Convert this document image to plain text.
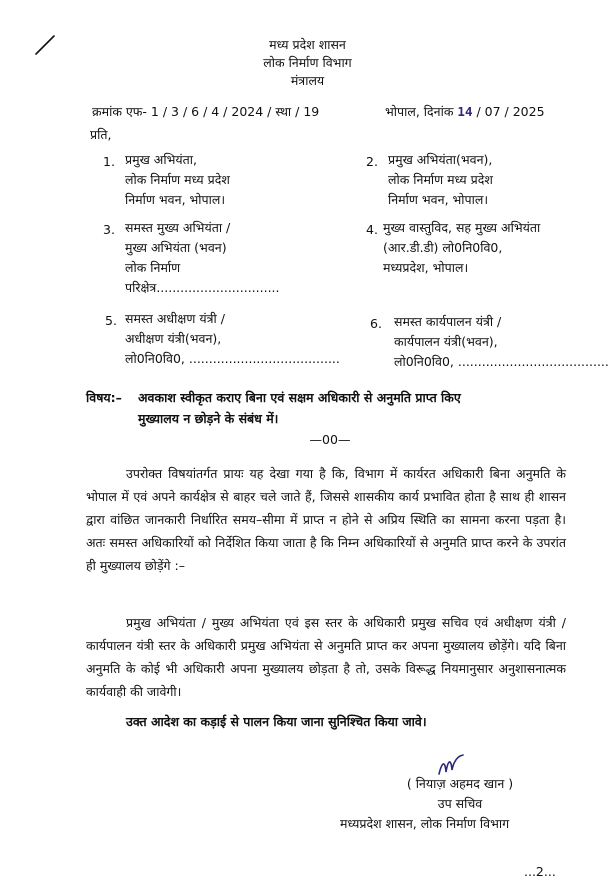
मध्य प्रदेश शासन
लोक निर्माण विभाग
मंत्रालय
क्रमांक एफ- 1 / 3 / 6 / 4 / 2024 / स्था / 19	भोपाल, दिनांक 14 / 07 / 2025
प्रति,
1. प्रमुख अभियंता,
लोक निर्माण मध्य प्रदेश
निर्माण भवन, भोपाल।
2. प्रमुख अभियंता(भवन),
लोक निर्माण मध्य प्रदेश
निर्माण भवन, भोपाल।
3. समस्त मुख्य अभियंता /
मुख्य अभियंता (भवन)
लोक निर्माण
परिक्षेत्र...............................
4. मुख्य वास्तुविद, सह मुख्य अभियंता
(आर.डी.डी) लो0नि0वि0,
मध्यप्रदेश, भोपाल।
5. समस्त अधीक्षण यंत्री /
अधीक्षण यंत्री(भवन),
लो0नि0वि0, ......................................
6. समस्त कार्यपालन यंत्री /
कार्यपालन यंत्री(भवन),
लो0नि0वि0, ......................................
विषय:– अवकाश स्वीकृत कराए बिना एवं सक्षम अधिकारी से अनुमति प्राप्त किए
मुख्यालय न छोड़ने के संबंध में।
—00—
उपरोक्त विषयांतर्गत प्रायः यह देखा गया है कि, विभाग में कार्यरत अधिकारी बिना अनुमति के भोपाल में एवं अपने कार्यक्षेत्र से बाहर चले जाते हैं, जिससे शासकीय कार्य प्रभावित होता है साथ ही शासन द्वारा वांछित जानकारी निर्धारित समय–सीमा में प्राप्त न होने से अप्रिय स्थिति का सामना करना पड़ता है। अतः समस्त अधिकारियों को निर्देशित किया जाता है कि निम्न अधिकारियों से अनुमति प्राप्त करने के उपरांत ही मुख्यालय छोड़ेंगे :–
प्रमुख अभियंता / मुख्य अभियंता एवं इस स्तर के अधिकारी प्रमुख सचिव एवं अधीक्षण यंत्री / कार्यपालन यंत्री स्तर के अधिकारी प्रमुख अभियंता से अनुमति प्राप्त कर अपना मुख्यालय छोड़ेंगे। यदि बिना अनुमति के कोई भी अधिकारी अपना मुख्यालय छोड़ता है तो, उसके विरूद्ध नियमानुसार अनुशासनात्मक कार्यवाही की जावेगी।
उक्त आदेश का कड़ाई से पालन किया जाना सुनिश्चित किया जावे।
( नियाज़ अहमद खान )
उप सचिव
मध्यप्रदेश शासन, लोक निर्माण विभाग
...2...
